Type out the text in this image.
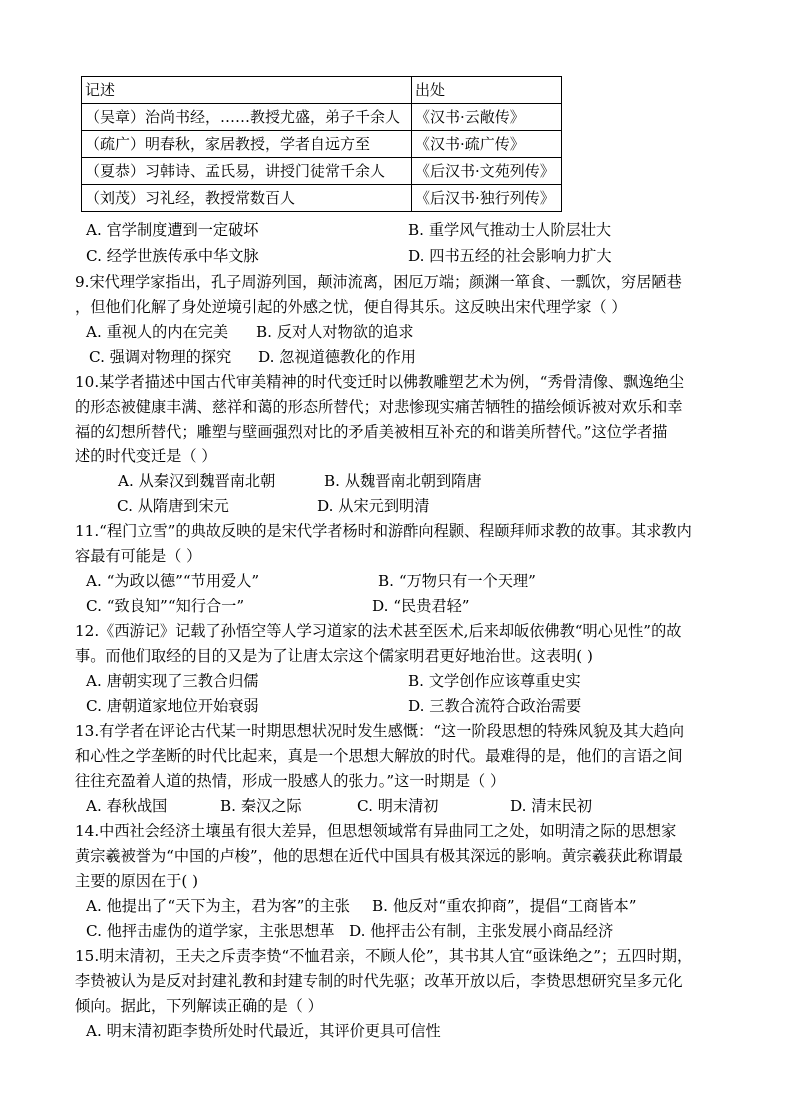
记述	出处
（吴章）治尚书经，……教授尤盛，弟子千余人	《汉书·云敞传》
（疏广）明春秋，家居教授，学者自远方至	《汉书·疏广传》
（夏恭）习韩诗、孟氏易，讲授门徒常千余人	《后汉书·文苑列传》
（刘茂）习礼经，教授常数百人	《后汉书·独行列传》
A. 官学制度遭到一定破坏	B. 重学风气推动士人阶层壮大
C. 经学世族传承中华文脉	D. 四书五经的社会影响力扩大
9.宋代理学家指出，孔子周游列国，颠沛流离，困厄万端；颜渊一箪食、一瓢饮，穷居陋巷
，但他们化解了身处逆境引起的外感之忧，便自得其乐。这反映出宋代理学家（ ）
A. 重视人的内在完美 B. 反对人对物欲的追求
C. 强调对物理的探究 D. 忽视道德教化的作用
10.某学者描述中国古代审美精神的时代变迁时以佛教雕塑艺术为例，“秀骨清像、飘逸绝尘
的形态被健康丰满、慈祥和蔼的形态所替代；对悲惨现实痛苦牺牲的描绘倾诉被对欢乐和幸
福的幻想所替代；雕塑与壁画强烈对比的矛盾美被相互补充的和谐美所替代。”这位学者描
述的时代变迁是（ ）
A. 从秦汉到魏晋南北朝	B. 从魏晋南北朝到隋唐
C. 从隋唐到宋元	D. 从宋元到明清
11.“程门立雪”的典故反映的是宋代学者杨时和游酢向程颢、程颐拜师求教的故事。其求教内
容最有可能是（ ）
A. “为政以德”“节用爱人”	B. “万物只有一个天理”
C. “致良知”“知行合一”	D. “民贵君轻”
12.《西游记》记载了孙悟空等人学习道家的法术甚至医术,后来却皈依佛教“明心见性”的故
事。而他们取经的目的又是为了让唐太宗这个儒家明君更好地治世。这表明( )
A. 唐朝实现了三教合归儒	B. 文学创作应该尊重史实
C. 唐朝道家地位开始衰弱	D. 三教合流符合政治需要
13.有学者在评论古代某一时期思想状况时发生感慨：“这一阶段思想的特殊风貌及其大趋向
和心性之学垄断的时代比起来，真是一个思想大解放的时代。最难得的是，他们的言语之间
往往充盈着人道的热情，形成一股感人的张力。”这一时期是（ ）
A. 春秋战国	B. 秦汉之际	C. 明末清初	D. 清末民初
14.中西社会经济土壤虽有很大差异，但思想领域常有异曲同工之处，如明清之际的思想家
黄宗羲被誉为“中国的卢梭”，他的思想在近代中国具有极其深远的影响。黄宗羲获此称谓最
主要的原因在于( )
A. 他提出了“天下为主，君为客”的主张 B. 他反对“重农抑商”，提倡“工商皆本”
C. 他抨击虚伪的道学家，主张思想革 D. 他抨击公有制，主张发展小商品经济
15.明末清初，王夫之斥责李贽“不恤君亲，不顾人伦”，其书其人宜“亟诛绝之”；五四时期，
李贽被认为是反对封建礼教和封建专制的时代先驱；改革开放以后，李贽思想研究呈多元化
倾向。据此，下列解读正确的是（ ）
A. 明末清初距李贽所处时代最近，其评价更具可信性
